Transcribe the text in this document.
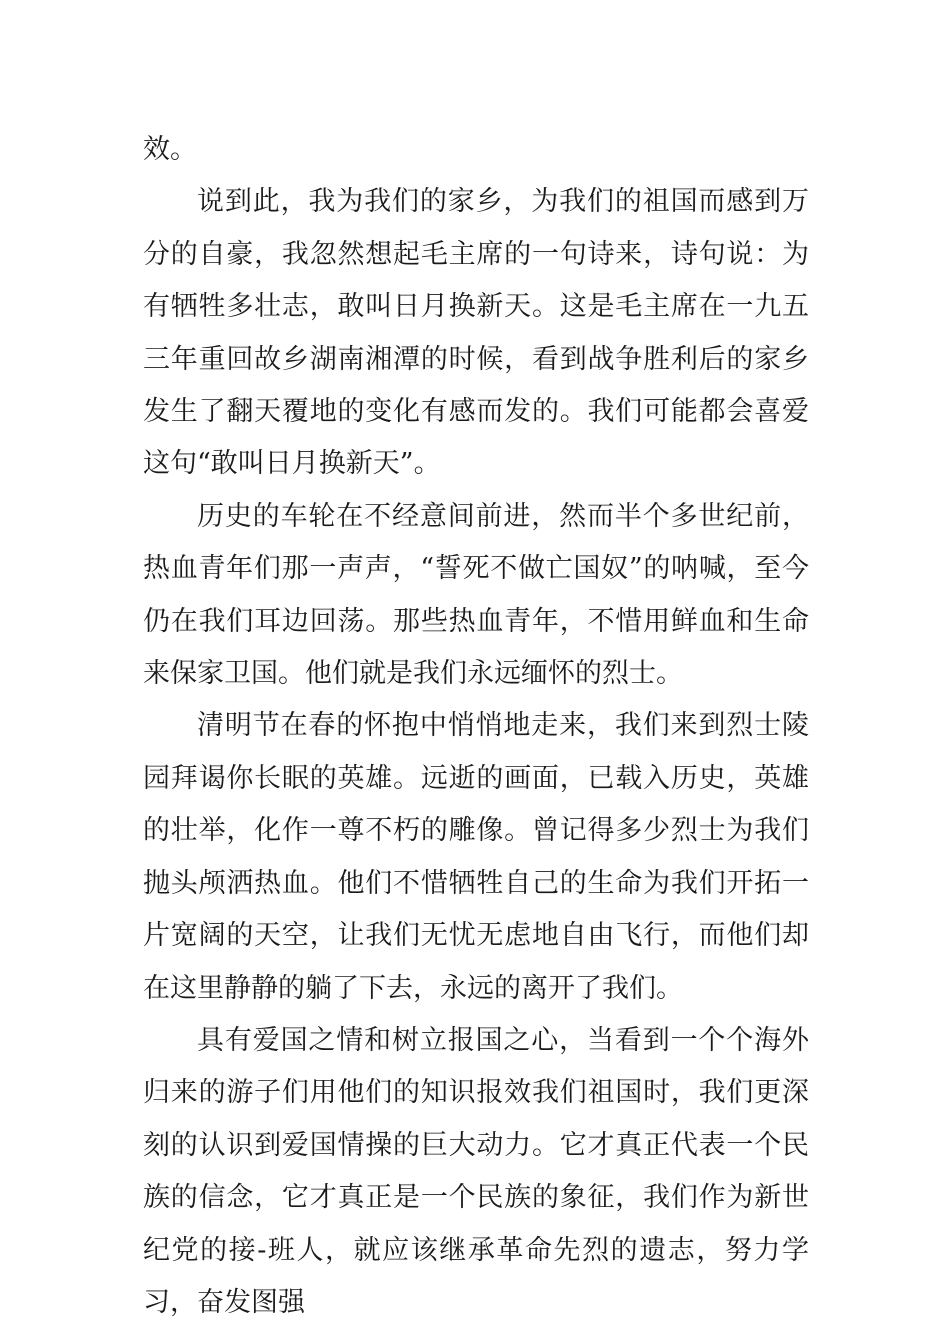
效。

说到此，我为我们的家乡，为我们的祖国而感到万分的自豪，我忽然想起毛主席的一句诗来，诗句说：为有牺牲多壮志，敢叫日月换新天。这是毛主席在一九五三年重回故乡湖南湘潭的时候，看到战争胜利后的家乡发生了翻天覆地的变化有感而发的。我们可能都会喜爱这句“敢叫日月换新天”。

历史的车轮在不经意间前进，然而半个多世纪前，热血青年们那一声声，“誓死不做亡国奴”的呐喊，至今仍在我们耳边回荡。那些热血青年，不惜用鲜血和生命来保家卫国。他们就是我们永远缅怀的烈士。

清明节在春的怀抱中悄悄地走来，我们来到烈士陵园拜谒你长眠的英雄。远逝的画面，已载入历史，英雄的壮举，化作一尊不朽的雕像。曾记得多少烈士为我们抛头颅洒热血。他们不惜牺牲自己的生命为我们开拓一片宽阔的天空，让我们无忧无虑地自由飞行，而他们却在这里静静的躺了下去，永远的离开了我们。

具有爱国之情和树立报国之心，当看到一个个海外归来的游子们用他们的知识报效我们祖国时，我们更深刻的认识到爱国情操的巨大动力。它才真正代表一个民族的信念，它才真正是一个民族的象征，我们作为新世纪党的接-班人，就应该继承革命先烈的遗志，努力学习，奋发图强
